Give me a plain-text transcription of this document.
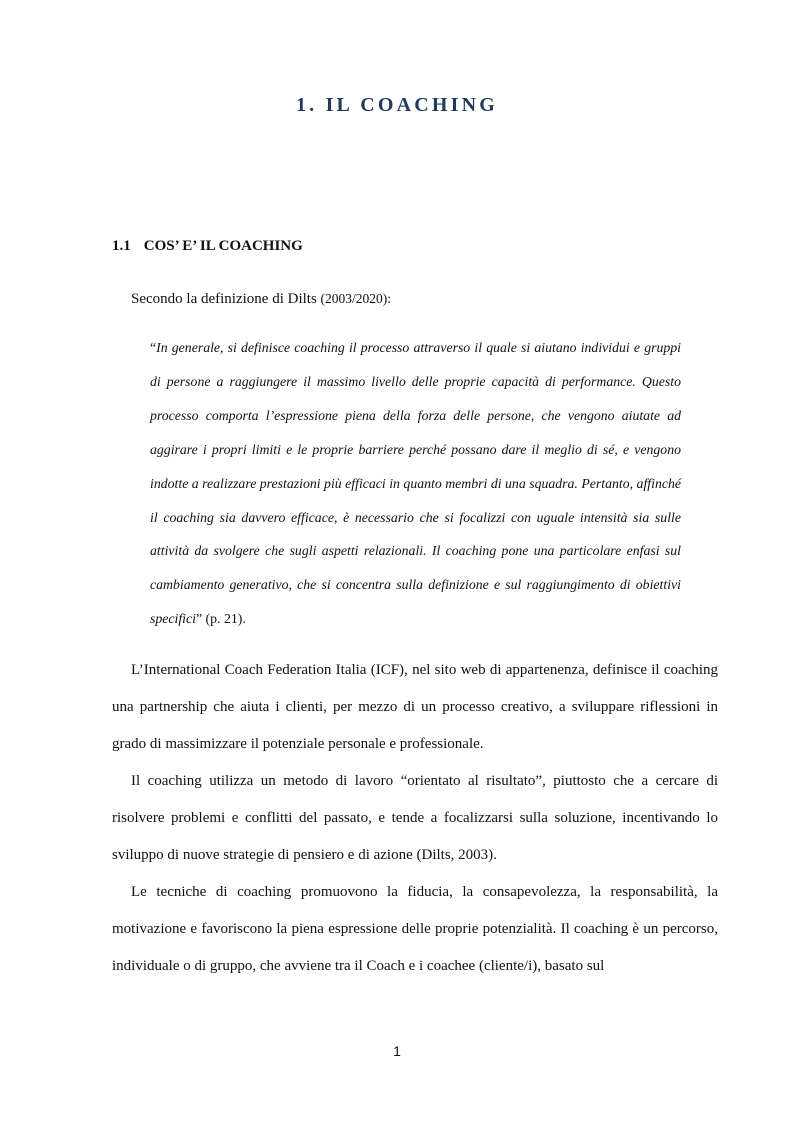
1. IL COACHING
1.1 COS’ E’ IL COACHING

Secondo la definizione di Dilts (2003/2020):

“In generale, si definisce coaching il processo attraverso il quale si aiutano individui e gruppi di persone a raggiungere il massimo livello delle proprie capacità di performance. Questo processo comporta l’espressione piena della forza delle persone, che vengono aiutate ad aggirare i propri limiti e le proprie barriere perché possano dare il meglio di sé, e vengono indotte a realizzare prestazioni più efficaci in quanto membri di una squadra. Pertanto, affinché il coaching sia davvero efficace, è necessario che si focalizzi con uguale intensità sia sulle attività da svolgere che sugli aspetti relazionali. Il coaching pone una particolare enfasi sul cambiamento generativo, che si concentra sulla definizione e sul raggiungimento di obiettivi specifici” (p. 21).

L’International Coach Federation Italia (ICF), nel sito web di appartenenza, definisce il coaching una partnership che aiuta i clienti, per mezzo di un processo creativo, a sviluppare riflessioni in grado di massimizzare il potenziale personale e professionale.

Il coaching utilizza un metodo di lavoro “orientato al risultato”, piuttosto che a cercare di risolvere problemi e conflitti del passato, e tende a focalizzarsi sulla soluzione, incentivando lo sviluppo di nuove strategie di pensiero e di azione (Dilts, 2003).

Le tecniche di coaching promuovono la fiducia, la consapevolezza, la responsabilità, la motivazione e favoriscono la piena espressione delle proprie potenzialità. Il coaching è un percorso, individuale o di gruppo, che avviene tra il Coach e i coachee (cliente/i), basato sul

1
